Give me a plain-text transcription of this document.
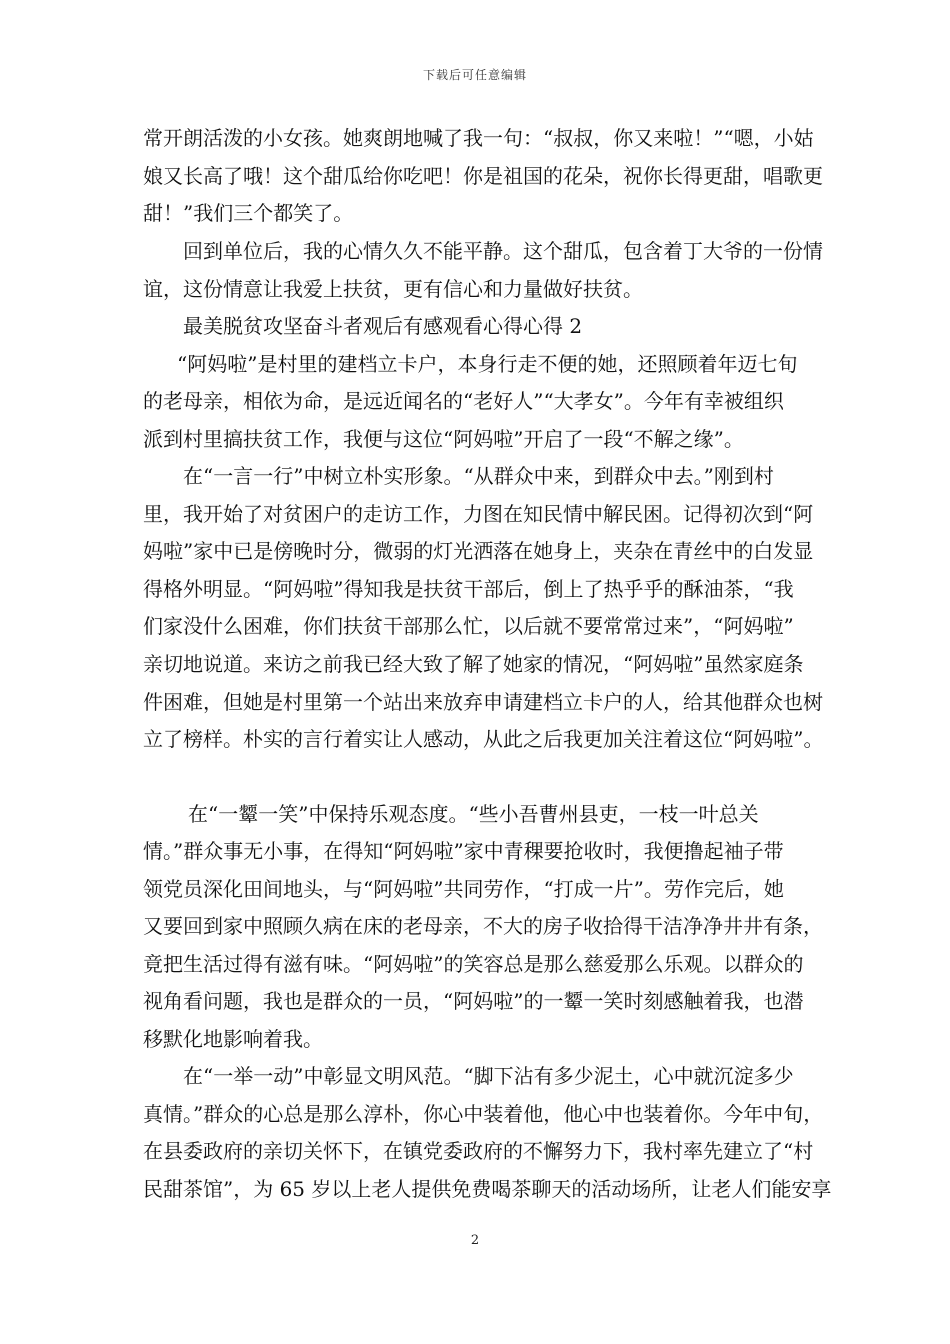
下载后可任意编辑
常开朗活泼的小女孩。她爽朗地喊了我一句：“叔叔，你又来啦！”“嗯，小姑
娘又长高了哦！这个甜瓜给你吃吧！你是祖国的花朵，祝你长得更甜，唱歌更
甜！”我们三个都笑了。
回到单位后，我的心情久久不能平静。这个甜瓜，包含着丁大爷的一份情
谊，这份情意让我爱上扶贫，更有信心和力量做好扶贫。
最美脱贫攻坚奋斗者观后有感观看心得心得 2
“阿妈啦”是村里的建档立卡户，本身行走不便的她，还照顾着年迈七旬
的老母亲，相依为命，是远近闻名的“老好人”“大孝女”。今年有幸被组织
派到村里搞扶贫工作，我便与这位“阿妈啦”开启了一段“不解之缘”。
在“一言一行”中树立朴实形象。“从群众中来，到群众中去。”刚到村
里，我开始了对贫困户的走访工作，力图在知民情中解民困。记得初次到“阿
妈啦”家中已是傍晚时分，微弱的灯光洒落在她身上，夹杂在青丝中的白发显
得格外明显。“阿妈啦”得知我是扶贫干部后，倒上了热乎乎的酥油茶，“我
们家没什么困难，你们扶贫干部那么忙，以后就不要常常过来”，“阿妈啦”
亲切地说道。来访之前我已经大致了解了她家的情况，“阿妈啦”虽然家庭条
件困难，但她是村里第一个站出来放弃申请建档立卡户的人，给其他群众也树
立了榜样。朴实的言行着实让人感动，从此之后我更加关注着这位“阿妈啦”。
在“一颦一笑”中保持乐观态度。“些小吾曹州县吏，一枝一叶总关
情。”群众事无小事，在得知“阿妈啦”家中青稞要抢收时，我便撸起袖子带
领党员深化田间地头，与“阿妈啦”共同劳作，“打成一片”。劳作完后，她
又要回到家中照顾久病在床的老母亲，不大的房子收拾得干洁净净井井有条，
竟把生活过得有滋有味。“阿妈啦”的笑容总是那么慈爱那么乐观。以群众的
视角看问题，我也是群众的一员，“阿妈啦”的一颦一笑时刻感触着我，也潜
移默化地影响着我。
在“一举一动”中彰显文明风范。“脚下沾有多少泥土，心中就沉淀多少
真情。”群众的心总是那么淳朴，你心中装着他，他心中也装着你。今年中旬，
在县委政府的亲切关怀下，在镇党委政府的不懈努力下，我村率先建立了“村
民甜茶馆”，为 65 岁以上老人提供免费喝茶聊天的活动场所，让老人们能安享
2
